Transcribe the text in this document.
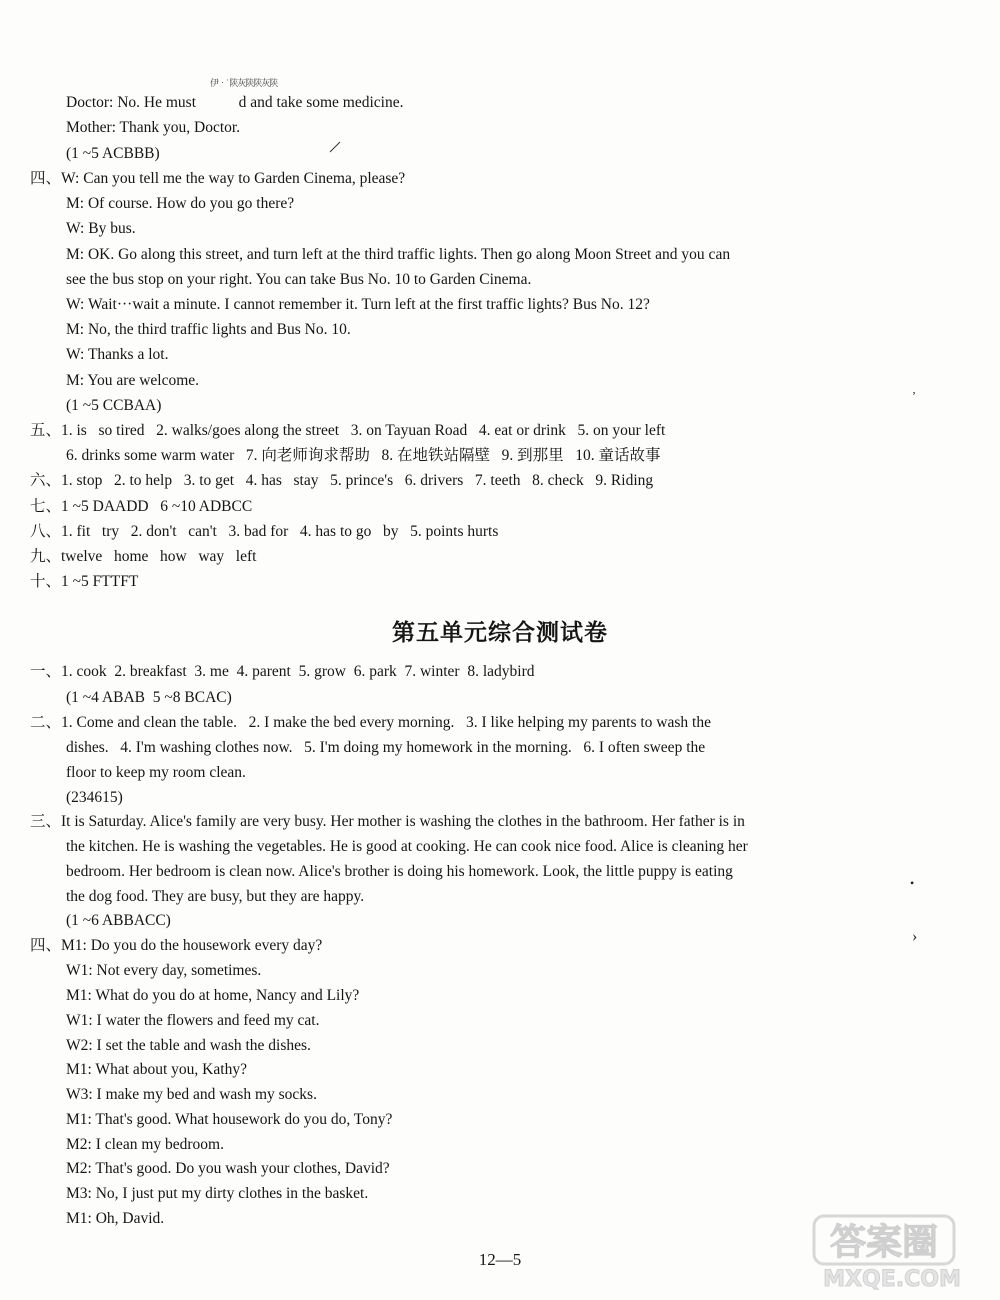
Doctor: No. He must           d and take some medicine.
Mother: Thank you, Doctor.
(1 ~5 ACBBB)
四、W: Can you tell me the way to Garden Cinema, please?
M: Of course. How do you go there?
W: By bus.
M: OK. Go along this street, and turn left at the third traffic lights. Then go along Moon Street and you can
see the bus stop on your right. You can take Bus No. 10 to Garden Cinema.
W: Wait···wait a minute. I cannot remember it. Turn left at the first traffic lights? Bus No. 12?
M: No, the third traffic lights and Bus No. 10.
W: Thanks a lot.
M: You are welcome.
(1 ~5 CCBAA)
五、1. is   so tired   2. walks/goes along the street   3. on Tayuan Road   4. eat or drink   5. on your left
6. drinks some warm water   7. 向老师询求帮助   8. 在地铁站隔壁   9. 到那里   10. 童话故事
六、1. stop   2. to help   3. to get   4. has   stay   5. prince's   6. drivers   7. teeth   8. check   9. Riding
七、1 ~5 DAADD   6 ~10 ADBCC
八、1. fit   try   2. don't   can't   3. bad for   4. has to go   by   5. points hurts
九、twelve   home   how   way   left
十、1 ~5 FTTFT
一、1. cook  2. breakfast  3. me  4. parent  5. grow  6. park  7. winter  8. ladybird
(1 ~4 ABAB  5 ~8 BCAC)
二、1. Come and clean the table.   2. I make the bed every morning.   3. I like helping my parents to wash the
dishes.   4. I'm washing clothes now.   5. I'm doing my homework in the morning.   6. I often sweep the
floor to keep my room clean.
(234615)
三、It is Saturday. Alice's family are very busy. Her mother is washing the clothes in the bathroom. Her father is in
the kitchen. He is washing the vegetables. He is good at cooking. He can cook nice food. Alice is cleaning her
bedroom. Her bedroom is clean now. Alice's brother is doing his homework. Look, the little puppy is eating
the dog food. They are busy, but they are happy.
(1 ~6 ABBACC)
四、M1: Do you do the housework every day?
W1: Not every day, sometimes.
M1: What do you do at home, Nancy and Lily?
W1: I water the flowers and feed my cat.
W2: I set the table and wash the dishes.
M1: What about you, Kathy?
W3: I make my bed and wash my socks.
M1: That's good. What housework do you do, Tony?
M2: I clean my bedroom.
M2: That's good. Do you wash your clothes, David?
M3: No, I just put my dirty clothes in the basket.
M1: Oh, David.
伊‧˙ 陕灰陕陕灰陕
第五单元综合测试卷
12—5
‚
•
›
答案圈
MXQE.COM
